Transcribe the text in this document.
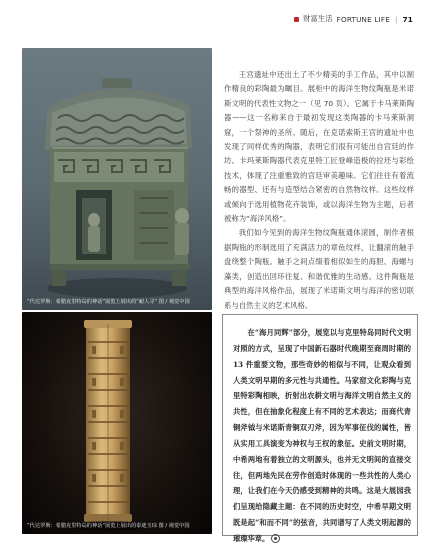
财富生活 FORTUNE LIFE | 71
“代达罗斯：希腊克里特岛的神话”展览上展出的“耐人寻” 图 / 视觉中国
“代达罗斯：希腊克里特岛的神话”展览上展出的泰迪玉琮 图 / 视觉中国

王宫遗址中还出土了不少精美的手工作品，其中以制作精良的彩陶最为瞩目。展柜中的海洋生物纹陶瓶是米诺斯文明的代表性文物之一（见 70 页）。它属于卡马莱斯陶器——这一名称来自于最初发现这类陶器的卡马莱斯洞窟，一个祭神的圣所。随后，在克诺索斯王宫的遗址中也发现了同样优秀的陶器，表明它们很有可能出自宫廷的作坊。卡玛莱斯陶器代表克里特工匠登峰造极的拉坯与彩绘技术，体现了注重雅致的宫廷审美趣味。它们往往有着流畅的器型、还有与造型结合紧密的自然物纹样。这些纹样或倾向于选用植物花卉装饰，或以海洋生物为主题，后者被称为“海洋风格”。

我们如今见到的海洋生物纹陶瓶通体滚圆，制作者根据陶瓶的形制选用了充满活力的章鱼纹样，让翻滚的触手盘绕整个陶瓶。触手之间点缀着相似如生的海胆、海螺与藻类，创造出回环往复、和谐优雅的生动感。这件陶瓶是典型的海洋风格作品，展现了米诺斯文明与海洋的密切联系与自然主义的艺术风格。

在“海月同辉”部分，展览以与克里特岛同时代文明对照的方式，呈现了中国新石器时代晚期至商周时期的 13 件重要文物，那些奇妙的相似与不同，让观众看到人类文明早期的多元性与共通性。马家窑文化彩陶与克里特彩陶相映，折射出农耕文明与海洋文明自然主义的共性，但在抽象化程度上有不同的艺术表达；而商代青铜斧钺与米诺斯青铜双刃斧，因为军事征伐的属性，皆从实用工具演变为神权与王权的象征。史前文明时期，中希两地有着独立的文明源头，也并无文明间的直接交往，但两地先民在劳作创造时体现的一些共性的人类心理，让我们在今天仍感受到精神的共鸣。这是大展园我们呈现给隐藏主题：在不同的历史时空，中希早期文明既是起“和而不同”的弦音，共同谱写了人类文明起源的璀璨华章。
